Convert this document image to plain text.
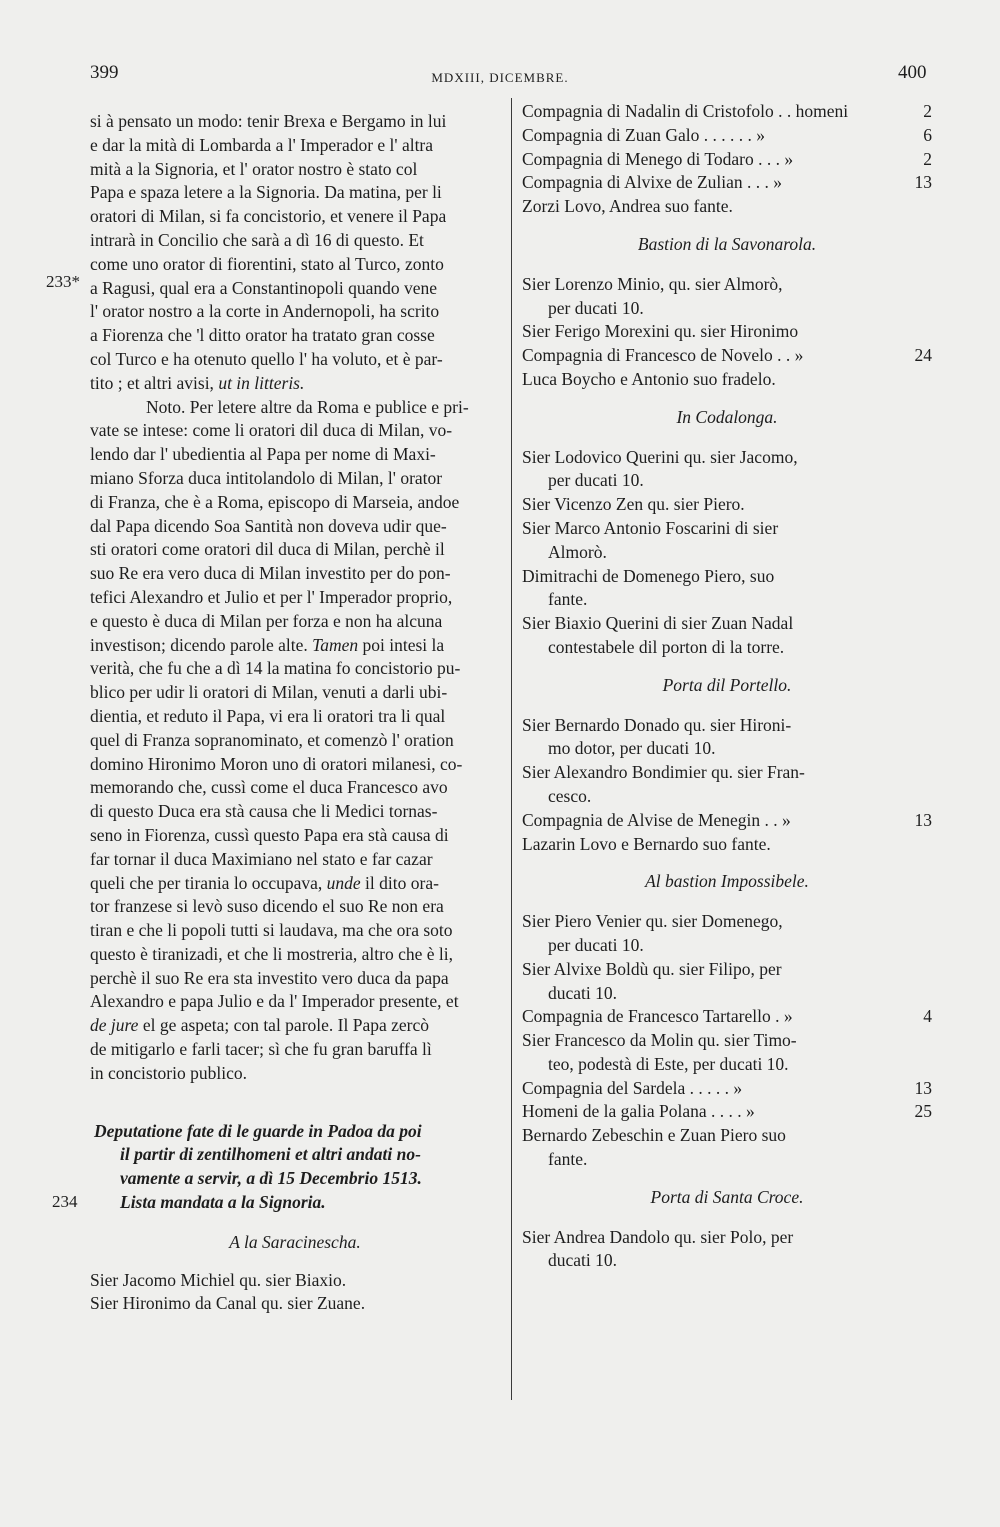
399	MDXIII, DICEMBRE.	400
233*
234
si à pensato un modo: tenir Brexa e Bergamo in lui
e dar la mità di Lombarda a l' Imperador e l' altra
mità a la Signoria, et l' orator nostro è stato col
Papa e spaza letere a la Signoria. Da matina, per li
oratori di Milan, si fa concistorio, et venere il Papa
intrarà in Concilio che sarà a dì 16 di questo. Et
come uno orator di fiorentini, stato al Turco, zonto
a Ragusi, qual era a Constantinopoli quando vene
l' orator nostro a la corte in Andernopoli, ha scrito
a Fiorenza che 'l ditto orator ha tratato gran cosse
col Turco e ha otenuto quello l' ha voluto, et è par-
tito ; et altri avisi, ut in litteris.
Noto. Per letere altre da Roma e publice e pri-
vate se intese: come li oratori dil duca di Milan, vo-
lendo dar l' ubedientia al Papa per nome di Maxi-
miano Sforza duca intitolandolo di Milan, l' orator
di Franza, che è a Roma, episcopo di Marseia, andoe
dal Papa dicendo Soa Santità non doveva udir que-
sti oratori come oratori dil duca di Milan, perchè il
suo Re era vero duca di Milan investito per do pon-
tefici Alexandro et Julio et per l' Imperador proprio,
e questo è duca di Milan per forza e non ha alcuna
investison; dicendo parole alte. Tamen poi intesi la
verità, che fu che a dì 14 la matina fo concistorio pu-
blico per udir li oratori di Milan, venuti a darli ubi-
dientia, et reduto il Papa, vi era li oratori tra li qual
quel di Franza sopranominato, et comenzò l' oration
domino Hironimo Moron uno di oratori milanesi, co-
memorando che, cussì come el duca Francesco avo
di questo Duca era stà causa che li Medici tornas-
seno in Fiorenza, cussì questo Papa era stà causa di
far tornar il duca Maximiano nel stato e far cazar
queli che per tirania lo occupava, unde il dito ora-
tor franzese si levò suso dicendo el suo Re non era
tiran e che li popoli tutti si laudava, ma che ora soto
questo è tiranizadi, et che li mostreria, altro che è li,
perchè il suo Re era sta investito vero duca da papa
Alexandro e papa Julio e da l' Imperador presente, et
de jure el ge aspeta; con tal parole. Il Papa zercò
de mitigarlo e farli tacer; sì che fu gran baruffa lì
in concistorio publico.
Deputatione fate di le guarde in Padoa da poi
il partir di zentilhomeni et altri andati no-
vamente a servir, a dì 15 Decembrio 1513.
Lista mandata a la Signoria.
A la Saracinescha.
Sier Jacomo Michiel qu. sier Biaxio.
Sier Hironimo da Canal qu. sier Zuane.
Compagnia di Nadalin di Cristofolo . . homeni	2
Compagnia di Zuan Galo . . . . . . »	6
Compagnia di Menego di Todaro . . . »	2
Compagnia di Alvixe de Zulian . . . »	13
Zorzi Lovo, Andrea suo fante.
Bastion di la Savonarola.
Sier Lorenzo Minio, qu. sier Almorò,
per ducati 10.
Sier Ferigo Morexini qu. sier Hironimo
Compagnia di Francesco de Novelo . . »	24
Luca Boycho e Antonio suo fradelo.
In Codalonga.
Sier Lodovico Querini qu. sier Jacomo,
per ducati 10.
Sier Vicenzo Zen qu. sier Piero.
Sier Marco Antonio Foscarini di sier
Almorò.
Dimitrachi de Domenego Piero, suo
fante.
Sier Biaxio Querini di sier Zuan Nadal
contestabele dil porton di la torre.
Porta dil Portello.
Sier Bernardo Donado qu. sier Hironi-
mo dotor, per ducati 10.
Sier Alexandro Bondimier qu. sier Fran-
cesco.
Compagnia de Alvise de Menegin . . »	13
Lazarin Lovo e Bernardo suo fante.
Al bastion Impossibele.
Sier Piero Venier qu. sier Domenego,
per ducati 10.
Sier Alvixe Boldù qu. sier Filipo, per
ducati 10.
Compagnia de Francesco Tartarello . »	4
Sier Francesco da Molin qu. sier Timo-
teo, podestà di Este, per ducati 10.
Compagnia del Sardela . . . . . »	13
Homeni de la galia Polana . . . . »	25
Bernardo Zebeschin e Zuan Piero suo
fante.
Porta di Santa Croce.
Sier Andrea Dandolo qu. sier Polo, per
ducati 10.
